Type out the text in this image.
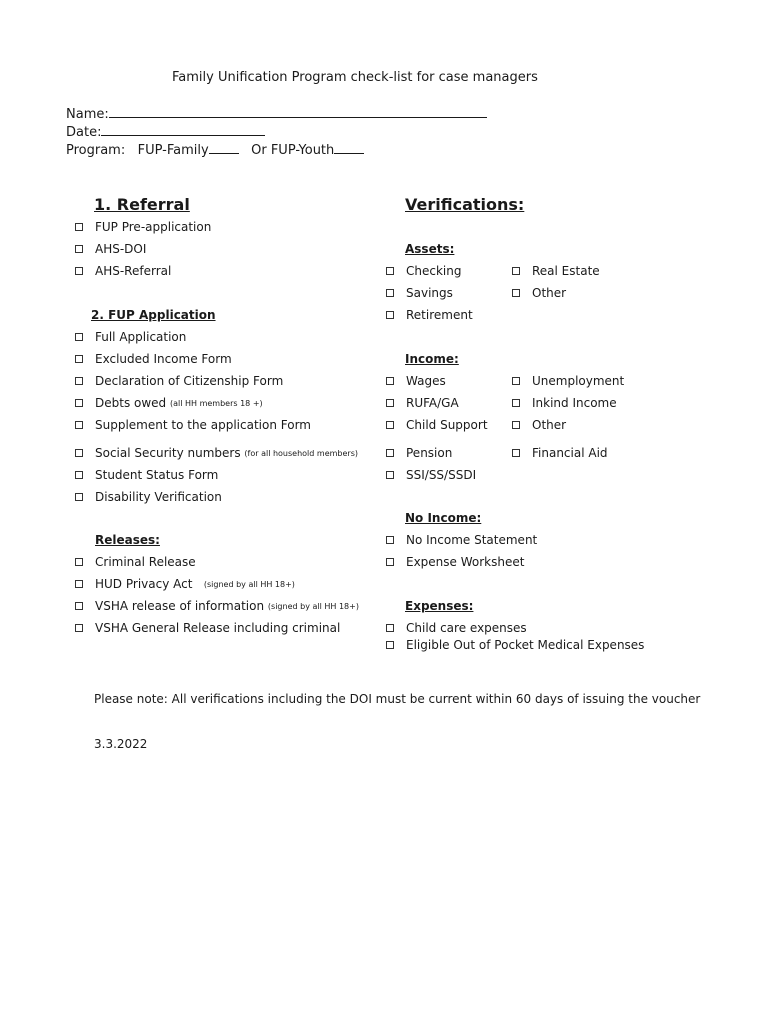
Family Unification Program check-list for case managers
Name:
Date:
Program: FUP-Family	Or FUP-Youth
1. Referral	Verifications:
FUP Pre-application
AHS-DOI
AHS-Referral
2. FUP Application
Full Application
Excluded Income Form
Declaration of Citizenship Form
Debts owed
(all HH members 18 +)
Supplement to the application Form
Social Security numbers
(for all household members)
Student Status Form
Disability Verification
Releases:
Criminal Release
HUD Privacy Act
(signed by all HH 18+)
VSHA release of information
(signed by all HH 18+)
VSHA General Release including criminal
Assets:
Checking
Savings
Retirement
Real Estate
Other
Income:
Wages
RUFA/GA
Child Support
Pension
SSI/SS/SSDI
Unemployment
Inkind Income
Other
Financial Aid
No Income:
No Income Statement
Expense Worksheet
Expenses:
Child care expenses
Eligible Out of Pocket Medical Expenses
Please note: All verifications including the DOI must be current within 60 days of issuing the voucher
3.3.2022
